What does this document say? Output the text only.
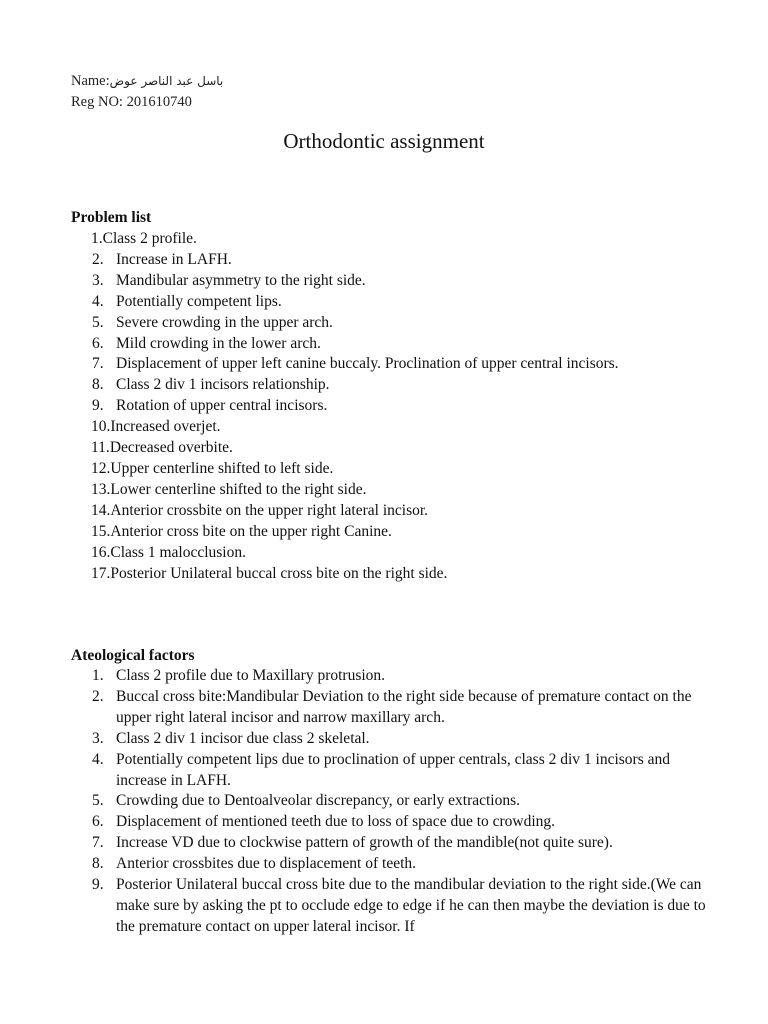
Name:باسل عبد الناصر عوض
Reg NO: 201610740
Orthodontic assignment
Problem list
1.Class 2 profile.
2. Increase in LAFH.
3. Mandibular asymmetry to the right side.
4. Potentially competent lips.
5. Severe crowding in the upper arch.
6. Mild crowding in the lower arch.
7. Displacement of upper left canine buccaly. Proclination of upper central incisors.
8. Class 2 div 1 incisors relationship.
9. Rotation of upper central incisors.
10.Increased overjet.
11.Decreased overbite.
12.Upper centerline shifted to left side.
13.Lower centerline shifted to the right side.
14.Anterior crossbite on the upper right lateral incisor.
15.Anterior cross bite on the upper right Canine.
16.Class 1 malocclusion.
17.Posterior Unilateral buccal cross bite on the right side.
Ateological factors
1. Class 2 profile due to Maxillary protrusion.
2. Buccal cross bite:Mandibular Deviation to the right side because of premature contact on the upper right lateral incisor and narrow maxillary arch.
3. Class 2 div 1 incisor due class 2 skeletal.
4. Potentially competent lips due to proclination of upper centrals, class 2 div 1 incisors and increase in LAFH.
5. Crowding due to Dentoalveolar discrepancy, or early extractions.
6. Displacement of mentioned teeth due to loss of space due to crowding.
7. Increase VD due to clockwise pattern of growth of the mandible(not quite sure).
8. Anterior crossbites due to displacement of teeth.
9. Posterior Unilateral buccal cross bite due to the mandibular deviation to the right side.(We can make sure by asking the pt to occlude edge to edge if he can then maybe the deviation is due to the premature contact on upper lateral incisor. If
